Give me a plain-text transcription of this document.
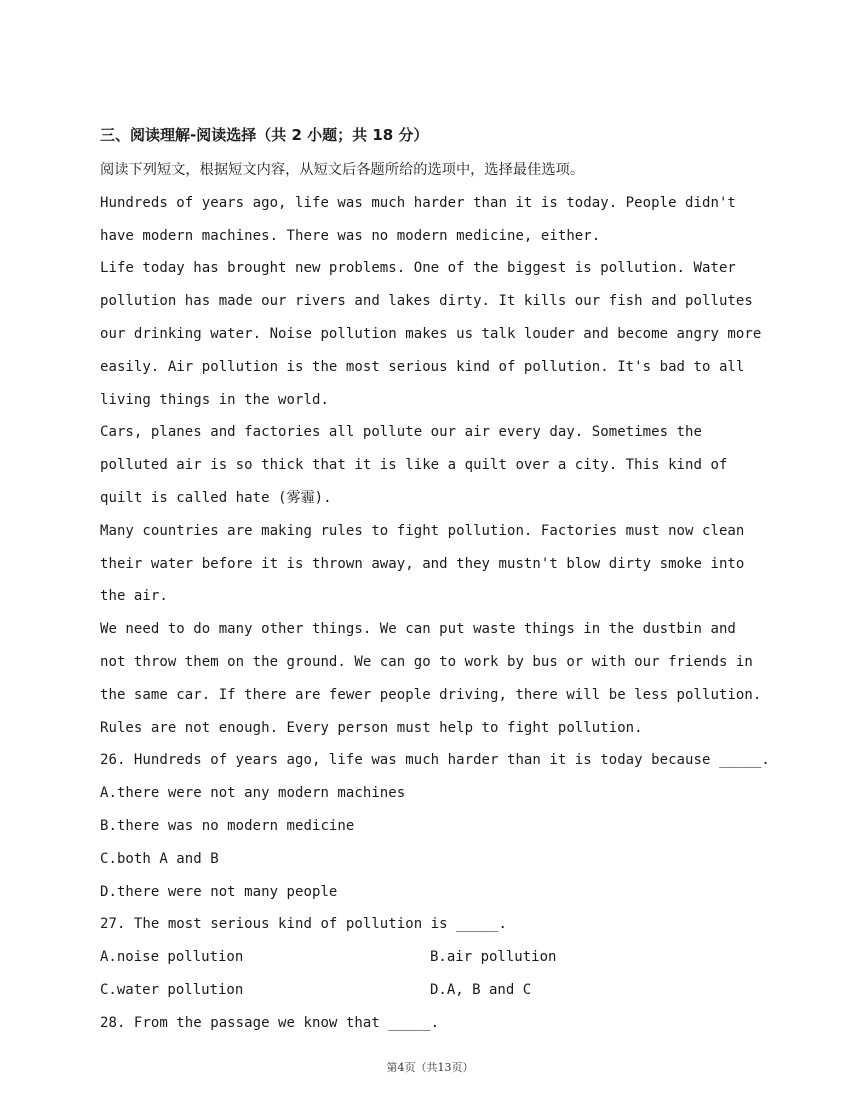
三、阅读理解-阅读选择（共 2 小题；共 18 分）
阅读下列短文，根据短文内容，从短文后各题所给的选项中，选择最佳选项。
Hundreds of years ago, life was much harder than it is today. People didn't
have modern machines. There was no modern medicine, either.
Life today has brought new problems. One of the biggest is pollution. Water
pollution has made our rivers and lakes dirty. It kills our fish and pollutes
our drinking water. Noise pollution makes us talk louder and become angry more
easily. Air pollution is the most serious kind of pollution. It's bad to all
living things in the world.
Cars, planes and factories all pollute our air every day. Sometimes the
polluted air is so thick that it is like a quilt over a city. This kind of
quilt is called hate (雾霾).
Many countries are making rules to fight pollution. Factories must now clean
their water before it is thrown away, and they mustn't blow dirty smoke into
the air.
We need to do many other things. We can put waste things in the dustbin and
not throw them on the ground. We can go to work by bus or with our friends in
the same car. If there are fewer people driving, there will be less pollution.
Rules are not enough. Every person must help to fight pollution.
26. Hundreds of years ago, life was much harder than it is today because _____.
A.there were not any modern machines
B.there was no modern medicine
C.both A and B
D.there were not many people
27. The most serious kind of pollution is _____.
A.noise pollution	B.air pollution
C.water pollution	D.A, B and C
28. From the passage we know that _____.
第4页（共13页）
